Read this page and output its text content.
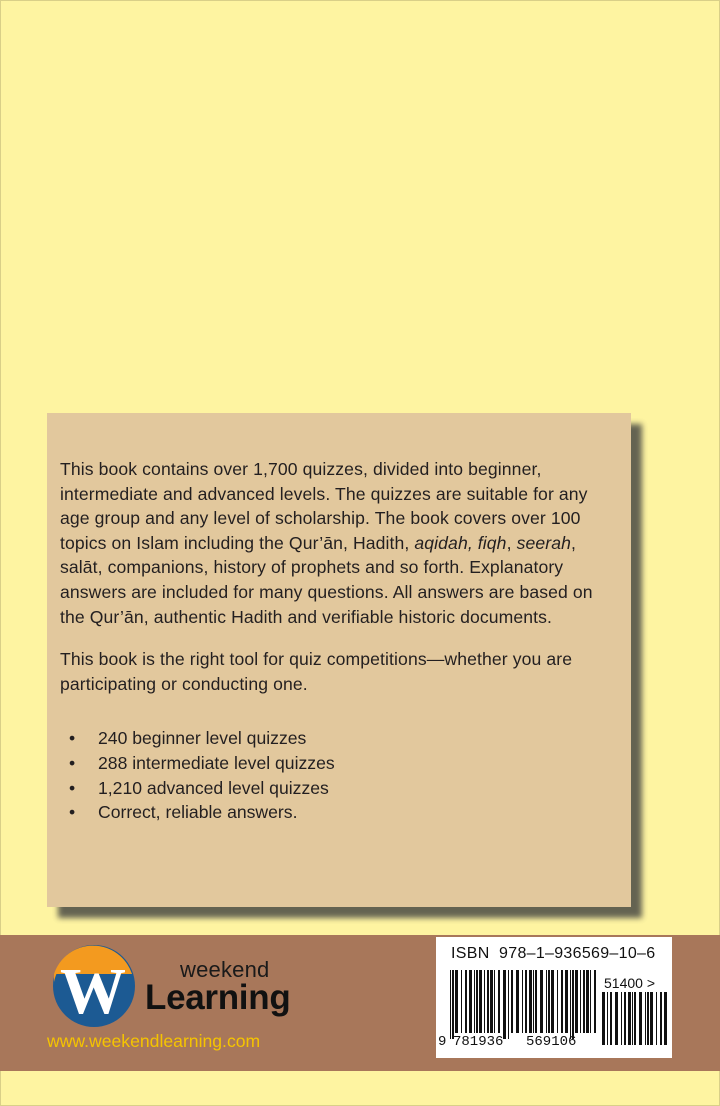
This book contains over 1,700 quizzes, divided into beginner, intermediate and advanced levels. The quizzes are suitable for any age group and any level of scholarship. The book covers over 100 topics on Islam including the Qur’ān, Hadith, aqidah, fiqh, seerah, salāt, companions, history of prophets and so forth. Explanatory answers are included for many questions. All answers are based on the Qur’ān, authentic Hadith and verifiable historic documents.

This book is the right tool for quiz competitions—whether you are participating or conducting one.

• 240 beginner level quizzes
• 288 intermediate level quizzes
• 1,210 advanced level quizzes
• Correct, reliable answers.
W weekend
Learning
www.weekendlearning.com
ISBN 978–1–936569–10–6
51400 >
9 781936 569106
